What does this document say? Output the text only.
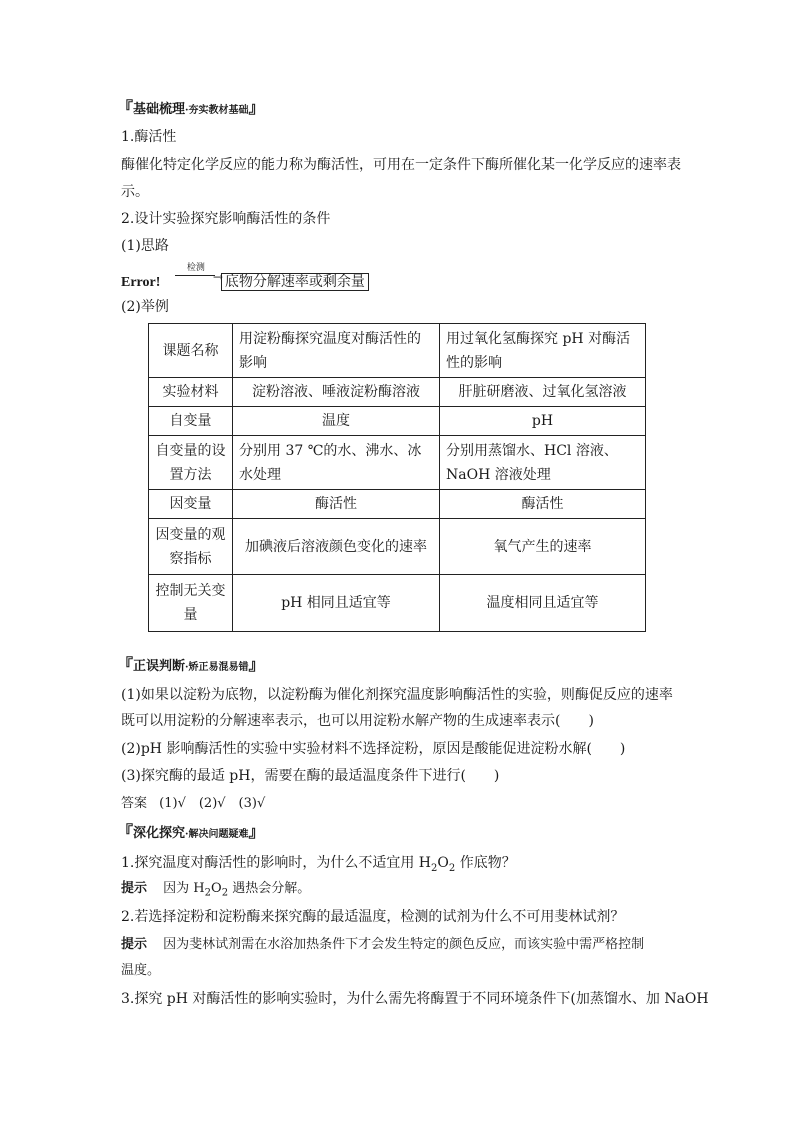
『基础梳理·夯实教材基础』
1.酶活性
酶催化特定化学反应的能力称为酶活性，可用在一定条件下酶所催化某一化学反应的速率表
示。
2.设计实验探究影响酶活性的条件
(1)思路
Error!
检测
→ 底物分解速率或剩余量
(2)举例
课题名称	用淀粉酶探究温度对酶活性的影响	用过氧化氢酶探究 pH 对酶活性的影响
实验材料	淀粉溶液、唾液淀粉酶溶液	肝脏研磨液、过氧化氢溶液
自变量	温度	pH
自变量的设置方法	分别用 37 ℃的水、沸水、冰水处理	分别用蒸馏水、HCl 溶液、NaOH 溶液处理
因变量	酶活性	酶活性
因变量的观察指标	加碘液后溶液颜色变化的速率	氧气产生的速率
控制无关变量	pH 相同且适宜等	温度相同且适宜等
『正误判断·矫正易混易错』
(1)如果以淀粉为底物，以淀粉酶为催化剂探究温度影响酶活性的实验，则酶促反应的速率
既可以用淀粉的分解速率表示，也可以用淀粉水解产物的生成速率表示(　　)
(2)pH 影响酶活性的实验中实验材料不选择淀粉，原因是酸能促进淀粉水解(　　)
(3)探究酶的最适 pH，需要在酶的最适温度条件下进行(　　)
答案 (1)√　(2)√　(3)√
『深化探究·解决问题疑难』
1.探究温度对酶活性的影响时，为什么不适宜用 $H_2O_2$ 作底物？
提示 因为 $H_2O_2$ 遇热会分解。
2.若选择淀粉和淀粉酶来探究酶的最适温度，检测的试剂为什么不可用斐林试剂？
提示 因为斐林试剂需在水浴加热条件下才会发生特定的颜色反应，而该实验中需严格控制
温度。
3.探究 pH 对酶活性的影响实验时，为什么需先将酶置于不同环境条件下(加蒸馏水、加 NaOH
